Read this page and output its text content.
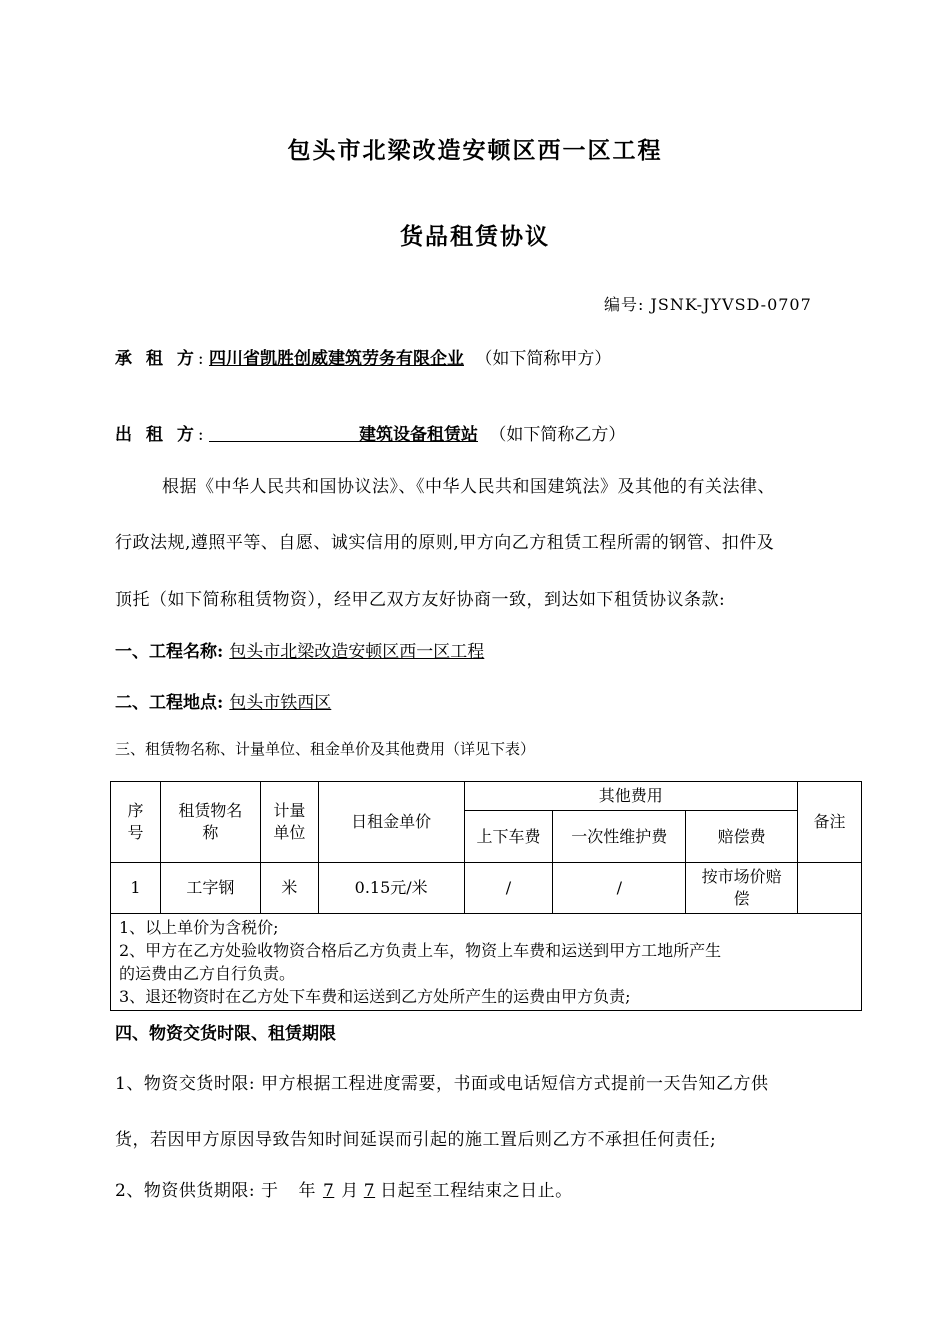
包头市北梁改造安顿区西一区工程
货品租赁协议
编号: JSNK-JYVSD-0707
承 租 方: 四川省凯胜创威建筑劳务有限企业 （如下简称甲方）
出 租 方:	建筑设备租赁站 （如下简称乙方）
根据《中华人民共和国协议法》、《中华人民共和国建筑法》及其他的有关法律、
行政法规,遵照平等、自愿、诚实信用的原则,甲方向乙方租赁工程所需的钢管、扣件及
顶托（如下简称租赁物资），经甲乙双方友好协商一致，到达如下租赁协议条款:
一、工程名称: 包头市北梁改造安顿区西一区工程
二、工程地点: 包头市铁西区
三、租赁物名称、计量单位、租金单价及其他费用（详见下表）
序号	租赁物名称	计量单位	日租金单价	其他费用			备注

				上下车费	一次性维护费	赔偿费	
1	工字钢	米	0.15元/米	/	/	按市场价赔偿	

1、以上单价为含税价;
2、甲方在乙方处验收物资合格后乙方负责上车，物资上车费和运送到甲方工地所产生
的运费由乙方自行负责。
3、退还物资时在乙方处下车费和运送到乙方处所产生的运费由甲方负责;							
四、物资交货时限、租赁期限
1、物资交货时限: 甲方根据工程进度需要，书面或电话短信方式提前一天告知乙方供
货，若因甲方原因导致告知时间延误而引起的施工置后则乙方不承担任何责任;
2、物资供货期限: 于 年 7 月 7 日起至工程结束之日止。
